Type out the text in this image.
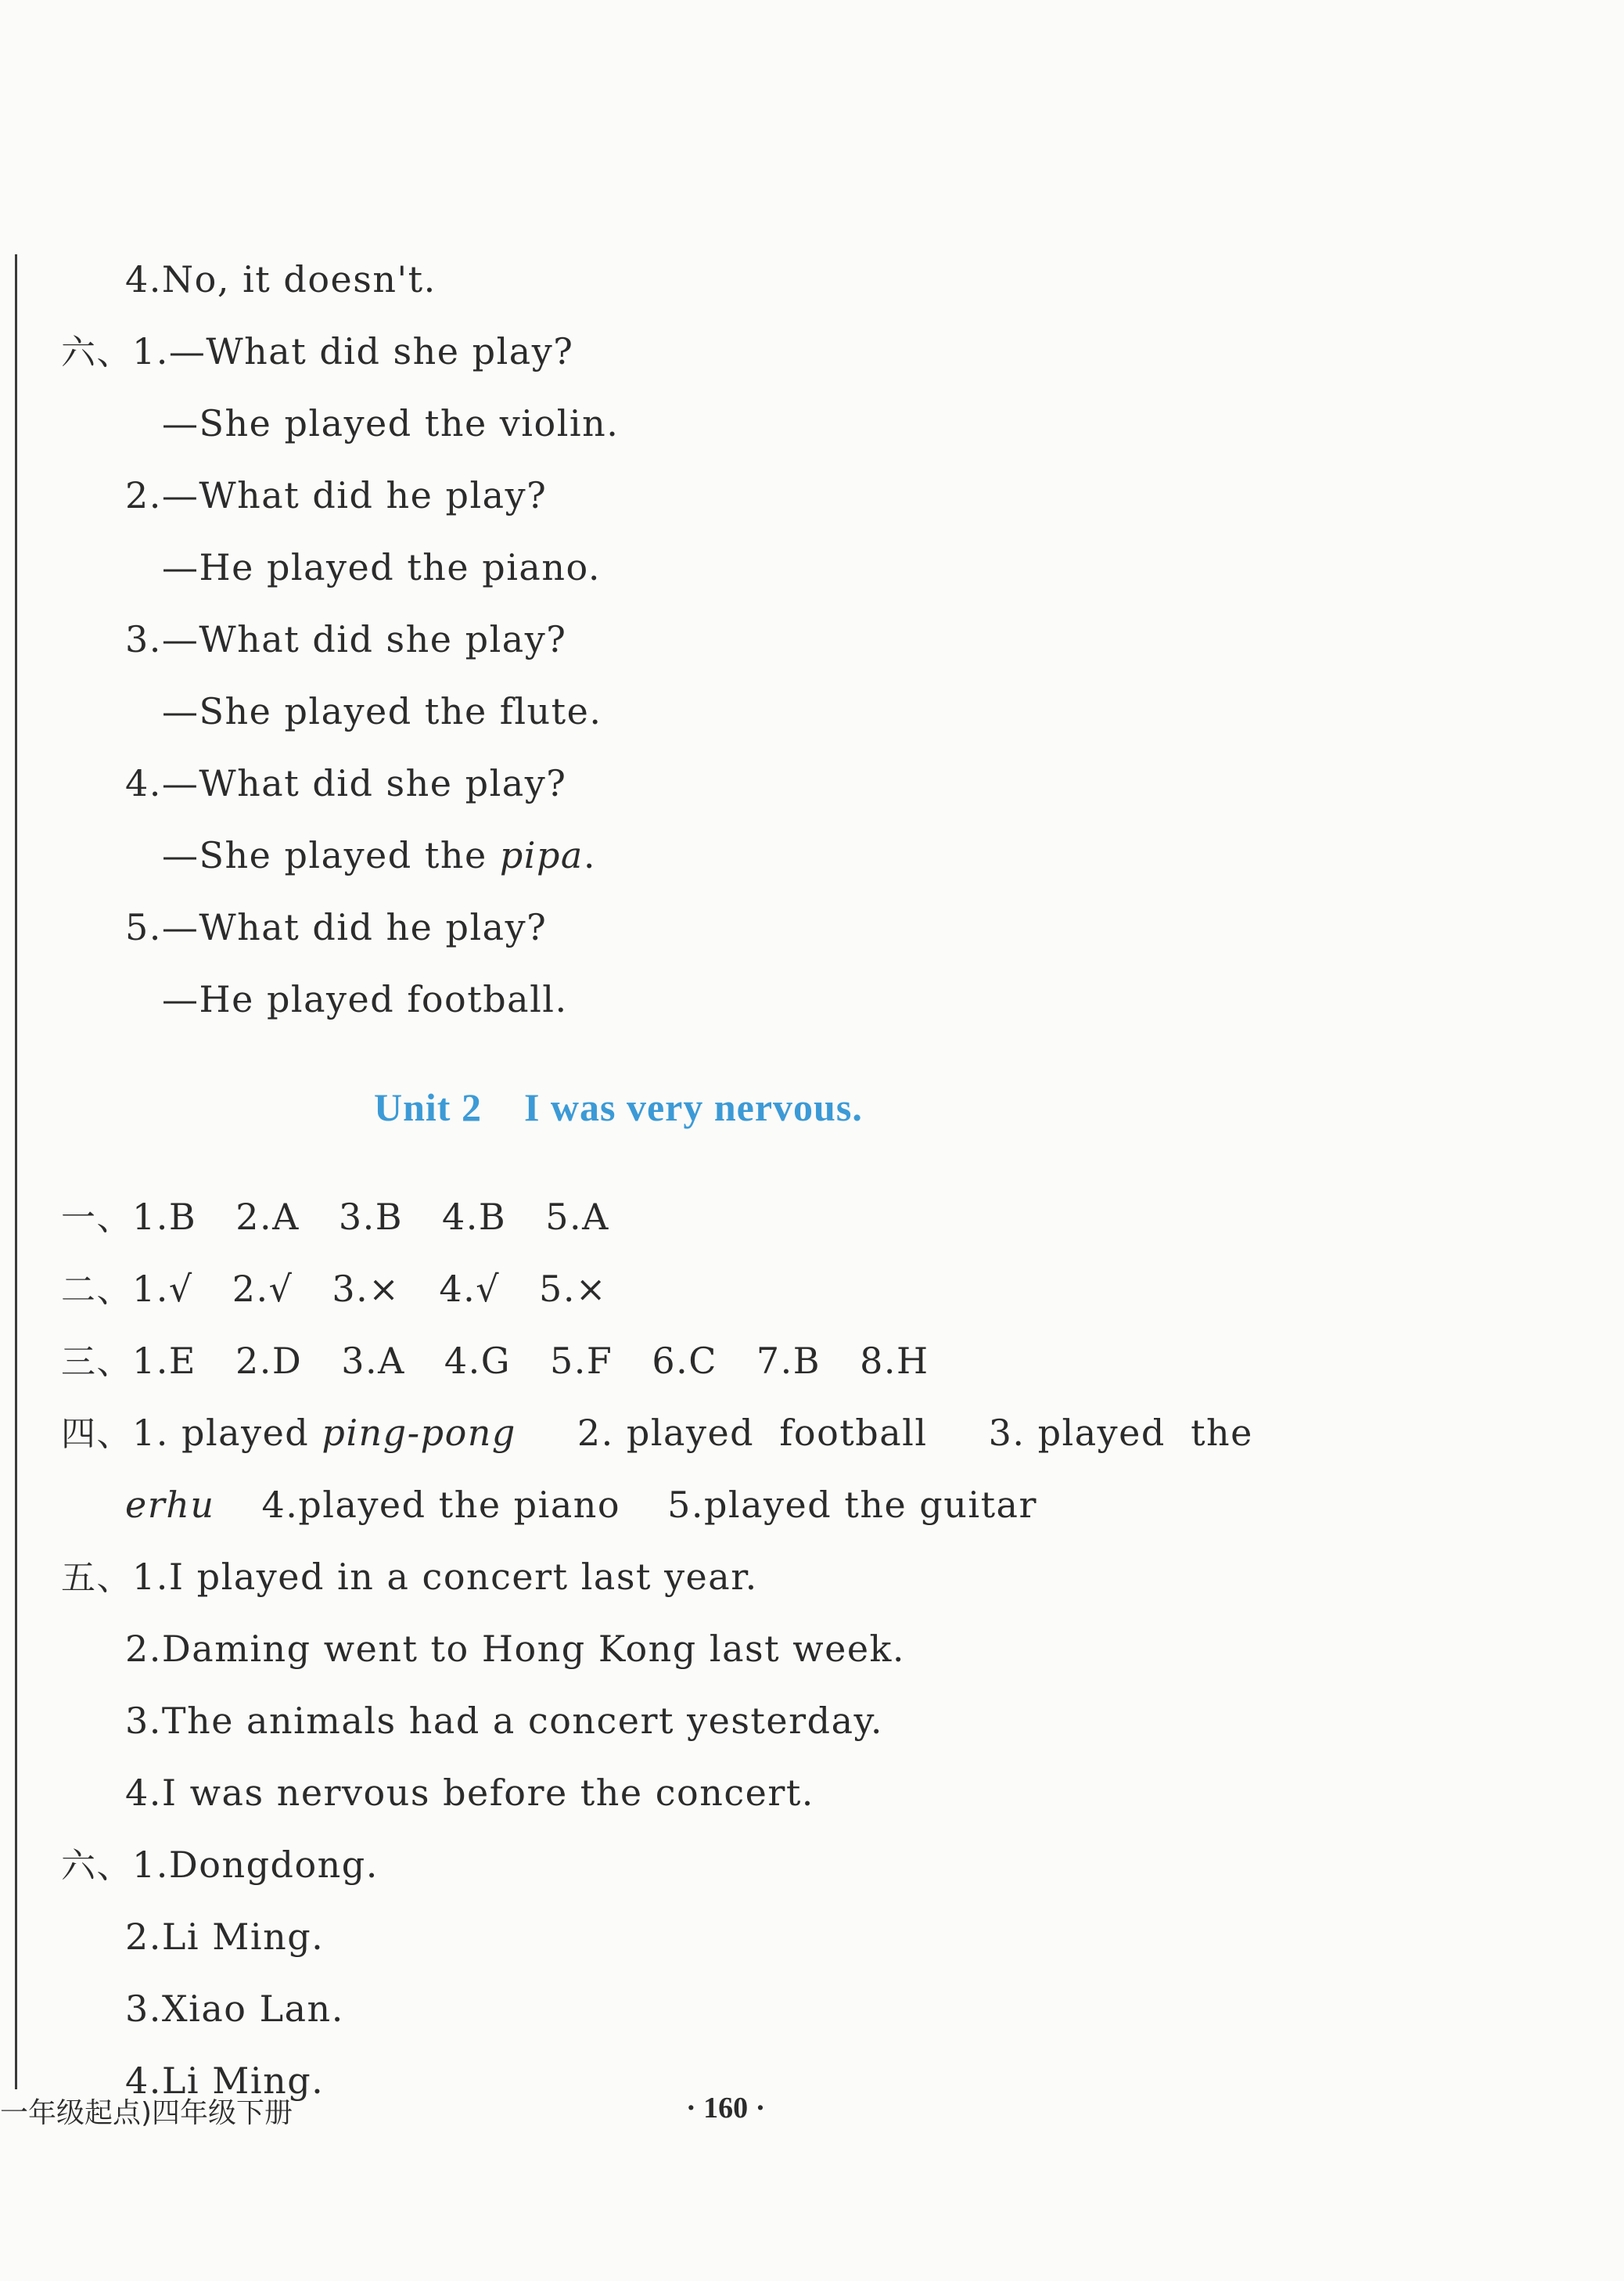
4.No, it doesn't.
六、1.—What did she play?
—She played the violin.
2.—What did he play?
—He played the piano.
3.—What did she play?
—She played the flute.
4.—What did she play?
—She played the pipa.
5.—What did he play?
—He played football.
Unit 2    I was very nervous.
一、1.B 2.A 3.B 4.B 5.A
二、1.√ 2.√ 3.× 4.√ 5.×
三、1.E 2.D 3.A 4.G 5.F 6.C 7.B 8.H
四、1. played ping-pong 2. played  football 3. played  the
erhu 4.played the piano 5.played the guitar
五、1.I played in a concert last year.
2.Daming went to Hong Kong last week.
3.The animals had a concert yesterday.
4.I was nervous before the concert.
六、1.Dongdong.
2.Li Ming.
3.Xiao Lan.
4.Li Ming.
一年级起点)四年级下册	· 160 ·
